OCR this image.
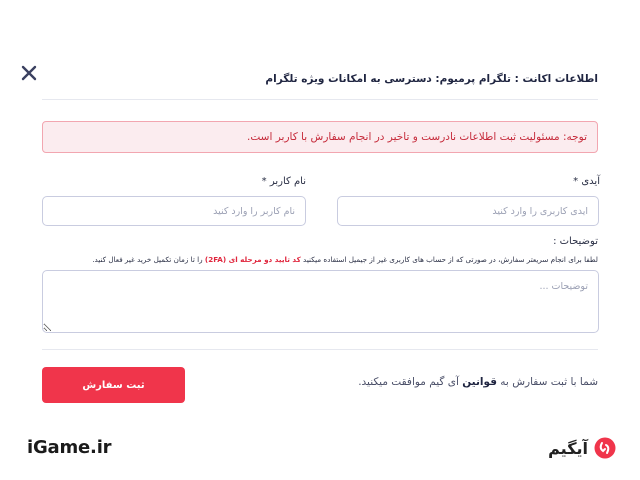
اطلاعات اکانت : تلگرام پرمیوم: دسترسی به امکانات ویژه تلگرام
توجه: مسئولیت ثبت اطلاعات نادرست و تاخیر در انجام سفارش با کاربر است.
آیدی *
آیدی کاربری را وارد کنید
نام کاربر *
نام کاربر را وارد کنید
توضیحات :
لطفا برای انجام سریعتر سفارش، در صورتی که از حساب های کاربری غیر از جیمیل استفاده میکنید کد تایید دو مرحله ای (2FA) را تا زمان تکمیل خرید غیر فعال کنید.
توضیحات ...
ثبت سفارش	شما با ثبت سفارش به قوانین آی گیم موافقت میکنید.
iGame.ir	آیگیم
